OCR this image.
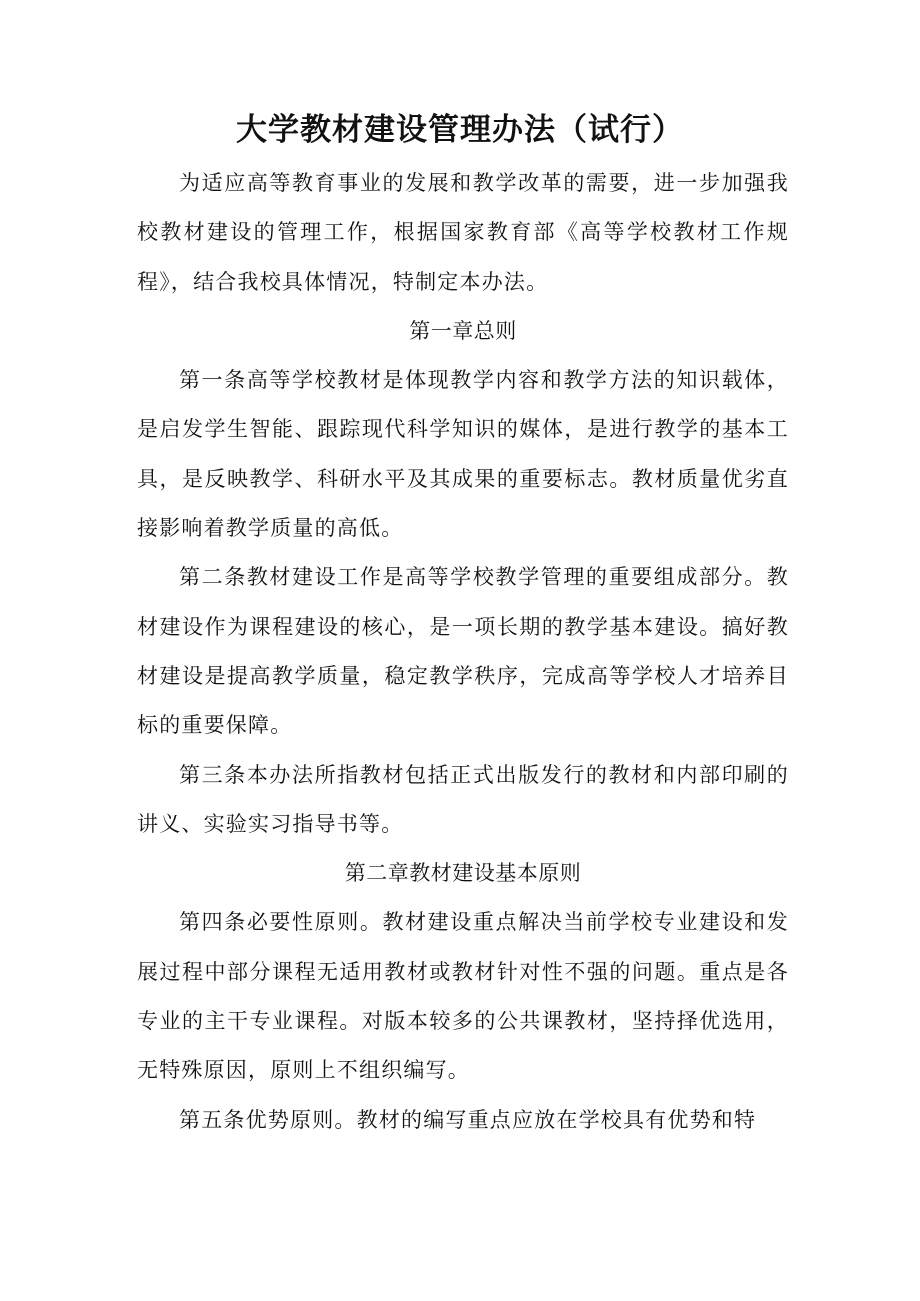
大学教材建设管理办法（试行）

为适应高等教育事业的发展和教学改革的需要，进一步加强我校教材建设的管理工作，根据国家教育部《高等学校教材工作规程》，结合我校具体情况，特制定本办法。

第一章总则

第一条高等学校教材是体现教学内容和教学方法的知识载体，是启发学生智能、跟踪现代科学知识的媒体，是进行教学的基本工具，是反映教学、科研水平及其成果的重要标志。教材质量优劣直接影响着教学质量的高低。

第二条教材建设工作是高等学校教学管理的重要组成部分。教材建设作为课程建设的核心，是一项长期的教学基本建设。搞好教材建设是提高教学质量，稳定教学秩序，完成高等学校人才培养目标的重要保障。

第三条本办法所指教材包括正式出版发行的教材和内部印刷的讲义、实验实习指导书等。

第二章教材建设基本原则

第四条必要性原则。教材建设重点解决当前学校专业建设和发展过程中部分课程无适用教材或教材针对性不强的问题。重点是各专业的主干专业课程。对版本较多的公共课教材，坚持择优选用，无特殊原因，原则上不组织编写。

第五条优势原则。教材的编写重点应放在学校具有优势和特
